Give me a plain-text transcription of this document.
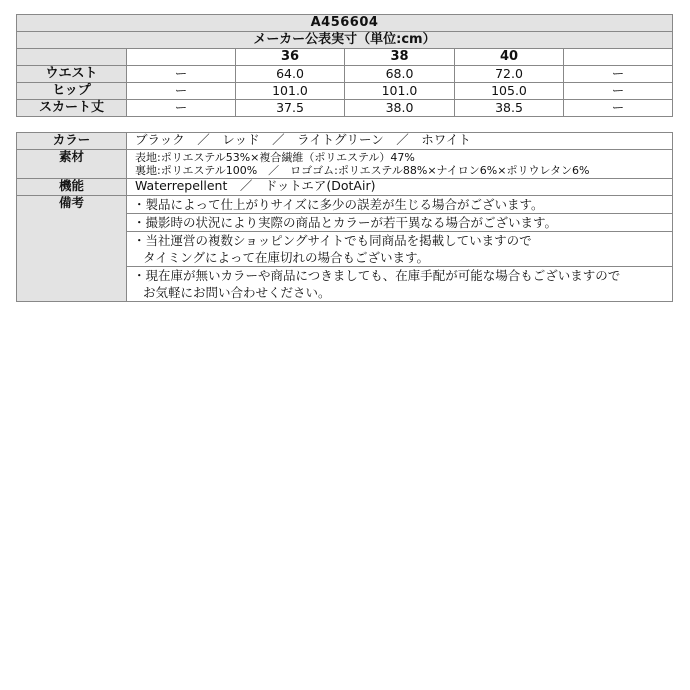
A456604					
メーカー公表実寸（単位:cm）					
		36	38	40	
ウエスト	ー	64.0	68.0	72.0	ー
ヒップ	ー	101.0	101.0	105.0	ー
スカート丈	ー	37.5	38.0	38.5	ー
カラー	ブラック　／　レッド　／　ライトグリーン　／　ホワイト
素材	表地:ポリエステル53%×複合繊維（ポリエステル）47%
裏地:ポリエステル100%　／　ロゴゴム:ポリエステル88%×ナイロン6%×ポリウレタン6%

機能	Waterrepellent　／　ドットエア(DotAir)
備考	・製品によって仕上がりサイズに多少の誤差が生じる場合がございます。

	・撮影時の状況により実際の商品とカラーが若干異なる場合がございます。

	・当社運営の複数ショッピングサイトでも同商品を掲載していますので
タイミングによって在庫切れの場合もございます。

	・現在庫が無いカラーや商品につきましても、在庫手配が可能な場合もございますので
お気軽にお問い合わせください。
